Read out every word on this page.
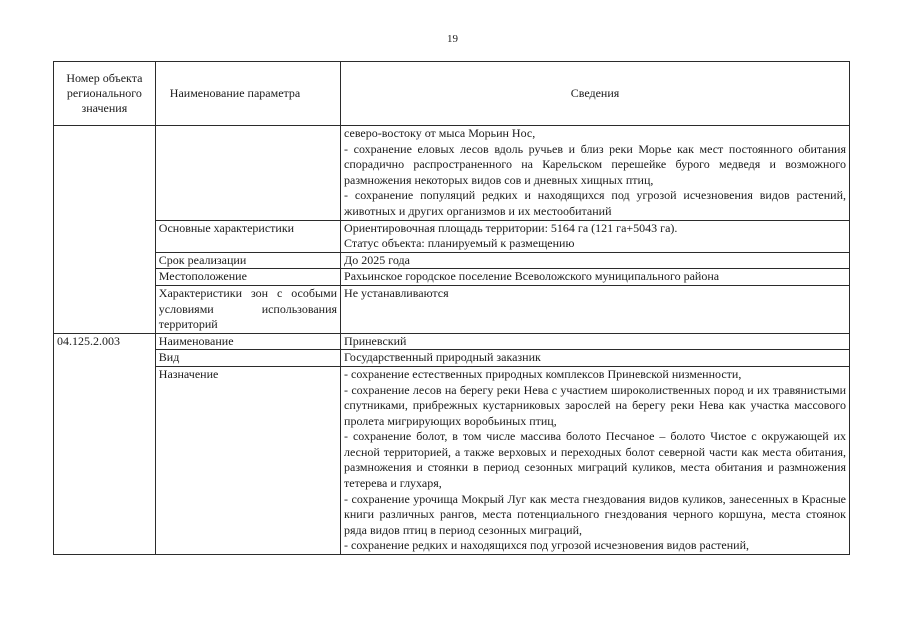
19
Номер объекта регионального значения	Наименование параметра	Сведения

		северо-востоку от мыса Морьин Нос,
- сохранение еловых лесов вдоль ручьев и близ реки Морье как мест постоянного обитания спорадично распространенного на Карельском перешейке бурого медведя и возможного размножения некоторых видов сов и дневных хищных птиц,
- сохранение популяций редких и находящихся под угрозой исчезновения видов растений, животных и других организмов и их местообитаний

	Основные характеристики	Ориентировочная площадь территории: 5164 га (121 га+5043 га).
Статус объекта: планируемый к размещению

	Срок реализации	До 2025 года
	Местоположение	Рахьинское городское поселение Всеволожского муниципального района
	Характеристики зон с особыми условиями использования территорий	Не устанавливаются
04.125.2.003	Наименование	Приневский
	Вид	Государственный природный заказник
	Назначение	- сохранение естественных природных комплексов Приневской низменности,
- сохранение лесов на берегу реки Нева с участием широколиственных пород и их травянистыми спутниками, прибрежных кустарниковых зарослей на берегу реки Нева как участка массового пролета мигрирующих воробьиных птиц,
- сохранение болот, в том числе массива болото Песчаное – болото Чистое с окружающей их лесной территорией, а также верховых и переходных болот северной части как места обитания, размножения и стоянки в период сезонных миграций куликов, места обитания и размножения тетерева и глухаря,
- сохранение урочища Мокрый Луг как места гнездования видов куликов, занесенных в Красные книги различных рангов, места потенциального гнездования черного коршуна, места стоянок ряда видов птиц в период сезонных миграций,
- сохранение редких и находящихся под угрозой исчезновения видов растений,
